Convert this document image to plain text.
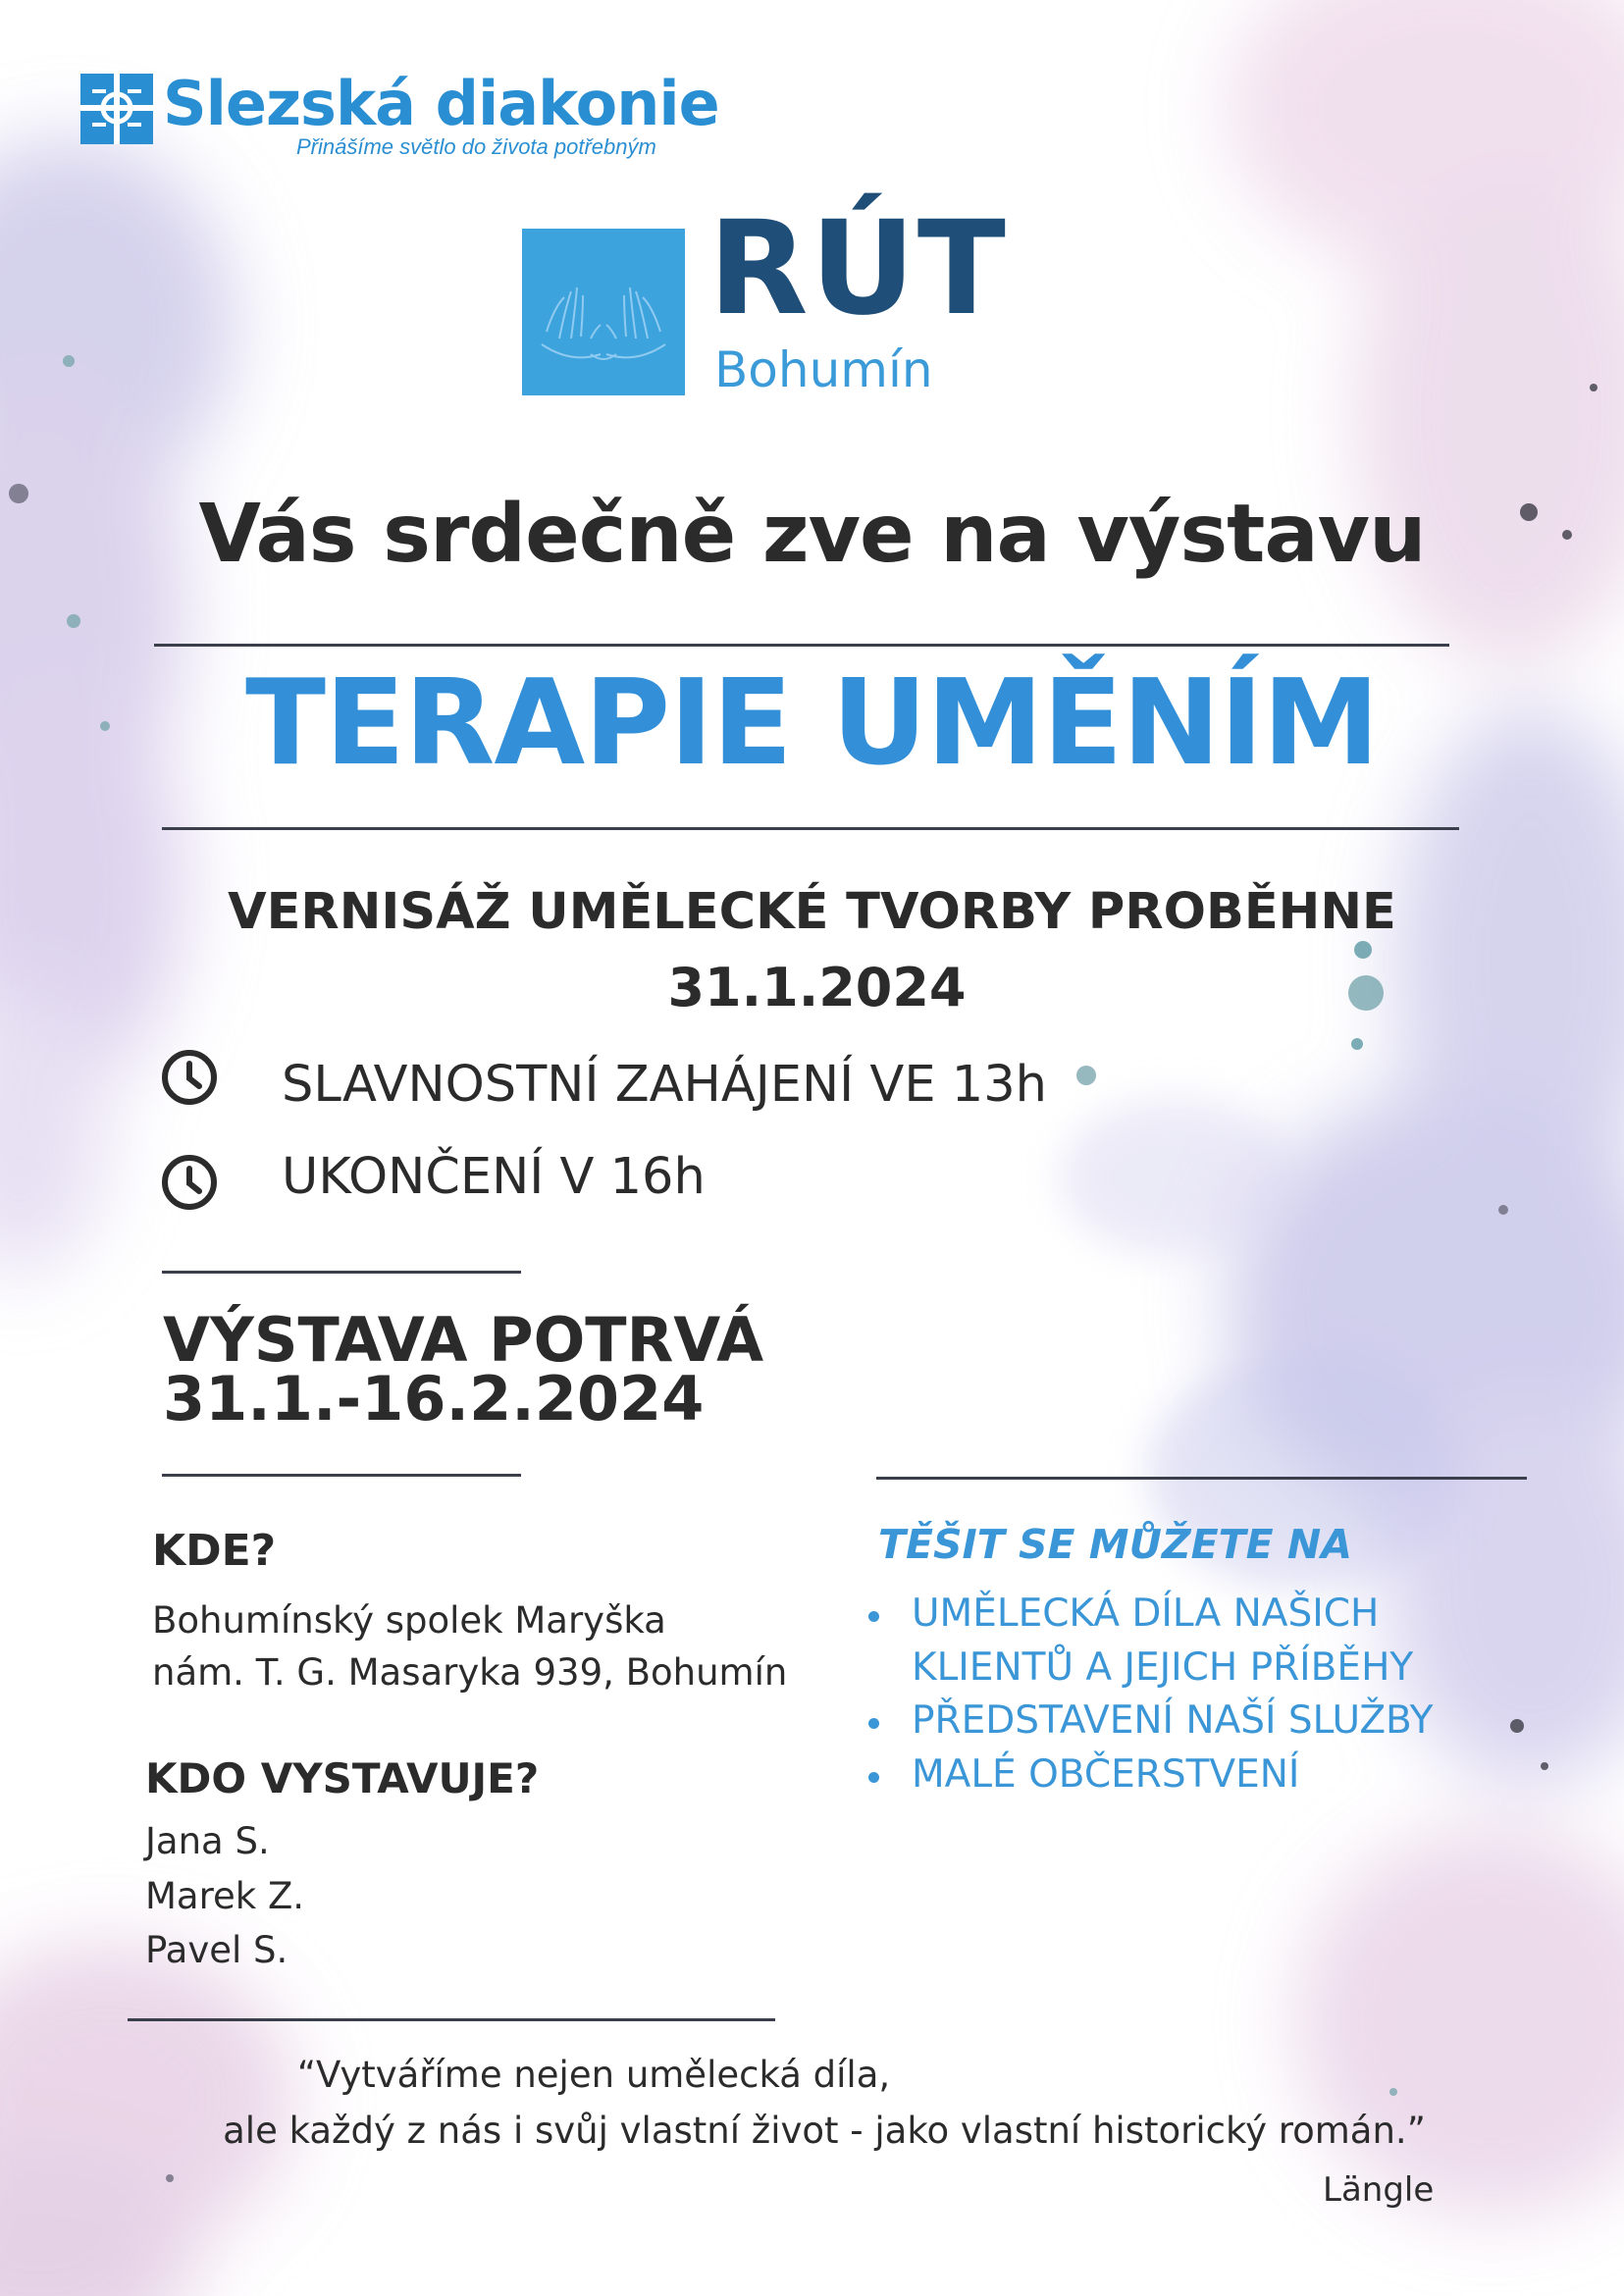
Slezská diakonie
Přinášíme světlo do života potřebným
RÚT
Bohumín
Vás srdečně zve na výstavu
TERAPIE UMĚNÍM
VERNISÁŽ UMĚLECKÉ TVORBY PROBĚHNE
31.1.2024
SLAVNOSTNÍ ZAHÁJENÍ VE 13h
UKONČENÍ V 16h
VÝSTAVA POTRVÁ
31.1.-16.2.2024
KDE?
Bohumínský spolek Maryška
nám. T. G. Masaryka 939, Bohumín
KDO VYSTAVUJE?
Jana S.
Marek Z.
Pavel S.
TĚŠIT SE MŮŽETE NA
UMĚLECKÁ DÍLA NAŠICH
KLIENTŮ A JEJICH PŘÍBĚHY
PŘEDSTAVENÍ NAŠÍ SLUŽBY
MALÉ OBČERSTVENÍ
“Vytváříme nejen umělecká díla,
ale každý z nás i svůj vlastní život - jako vlastní historický román.”
Längle
